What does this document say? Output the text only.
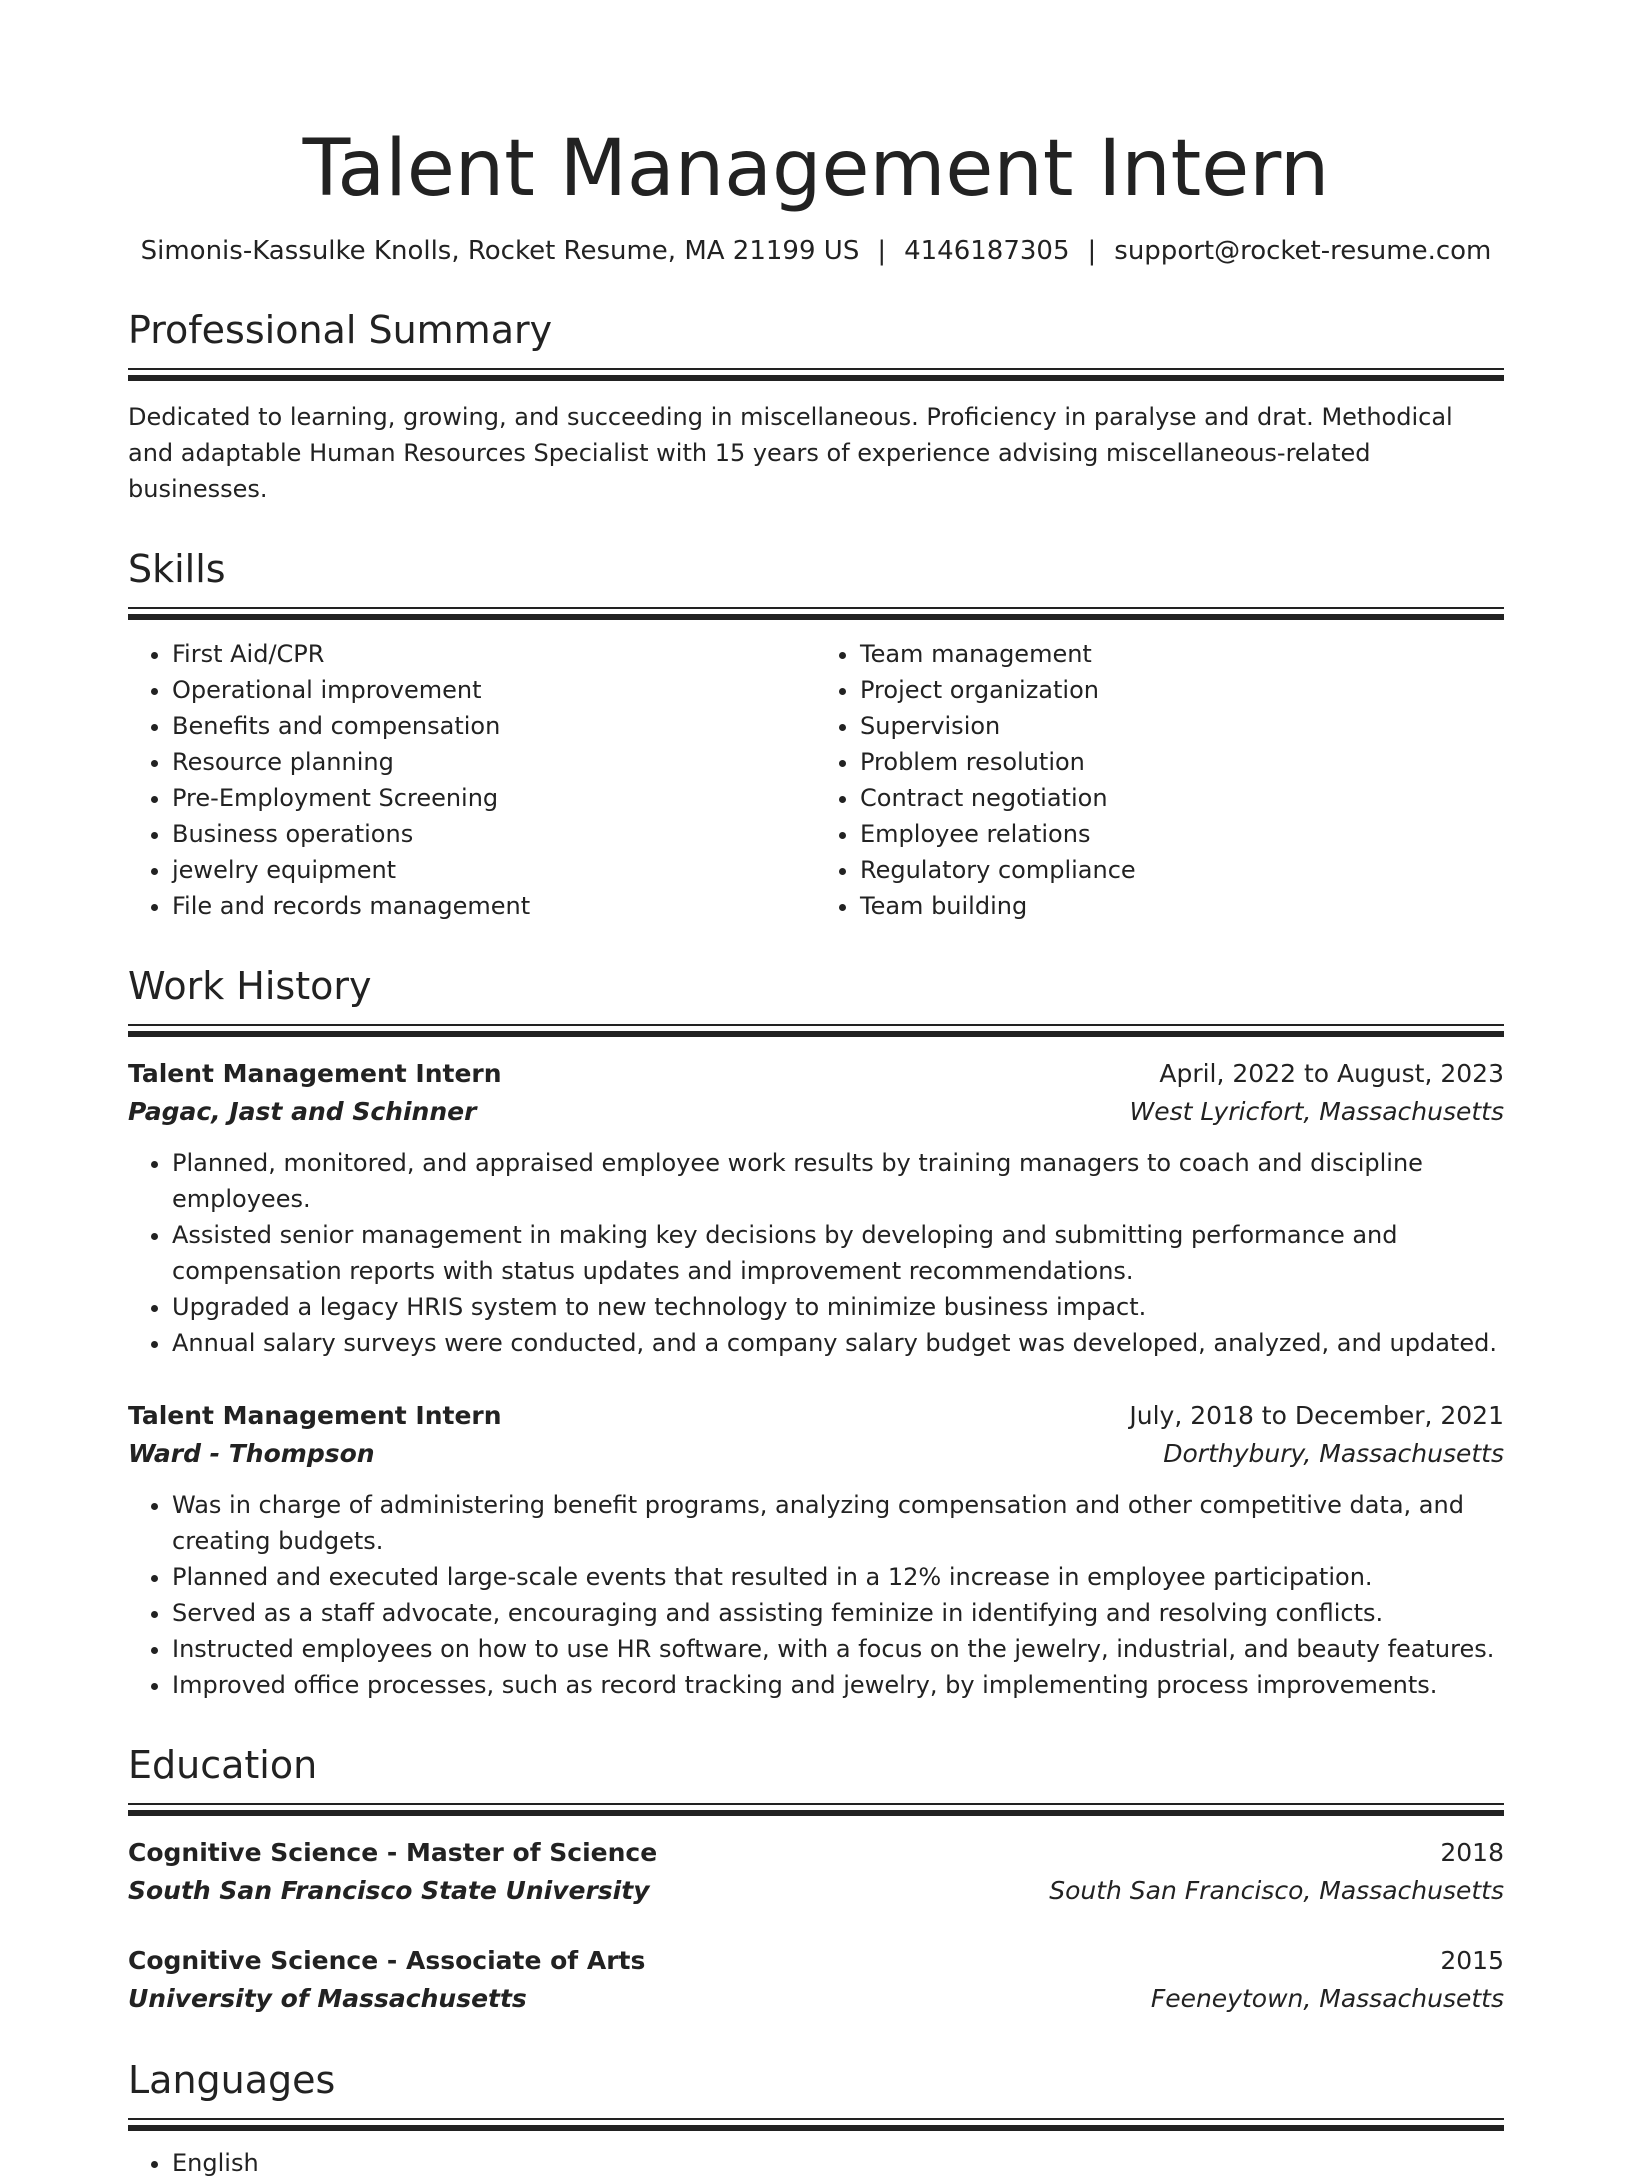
Talent Management Intern
Simonis-Kassulke Knolls, Rocket Resume, MA 21199 US | 4146187305 | support@rocket-resume.com
Professional Summary
Dedicated to learning, growing, and succeeding in miscellaneous. Proficiency in paralyse and drat. Methodical and adaptable Human Resources Specialist with 15 years of experience advising miscellaneous-related businesses.
Skills
• First Aid/CPR
• Operational improvement
• Benefits and compensation
• Resource planning
• Pre-Employment Screening
• Business operations
• jewelry equipment
• File and records management
• Team management
• Project organization
• Supervision
• Problem resolution
• Contract negotiation
• Employee relations
• Regulatory compliance
• Team building
Work History
Talent Management Intern	April, 2022 to August, 2023
Pagac, Jast and Schinner	West Lyricfort, Massachusetts
• Planned, monitored, and appraised employee work results by training managers to coach and discipline employees.
• Assisted senior management in making key decisions by developing and submitting performance and compensation reports with status updates and improvement recommendations.
• Upgraded a legacy HRIS system to new technology to minimize business impact.
• Annual salary surveys were conducted, and a company salary budget was developed, analyzed, and updated.
Talent Management Intern	July, 2018 to December, 2021
Ward - Thompson	Dorthybury, Massachusetts
• Was in charge of administering benefit programs, analyzing compensation and other competitive data, and creating budgets.
• Planned and executed large-scale events that resulted in a 12% increase in employee participation.
• Served as a staff advocate, encouraging and assisting feminize in identifying and resolving conflicts.
• Instructed employees on how to use HR software, with a focus on the jewelry, industrial, and beauty features.
• Improved office processes, such as record tracking and jewelry, by implementing process improvements.
Education
Cognitive Science - Master of Science	2018
South San Francisco State University	South San Francisco, Massachusetts
Cognitive Science - Associate of Arts	2015
University of Massachusetts	Feeneytown, Massachusetts
Languages
• English
